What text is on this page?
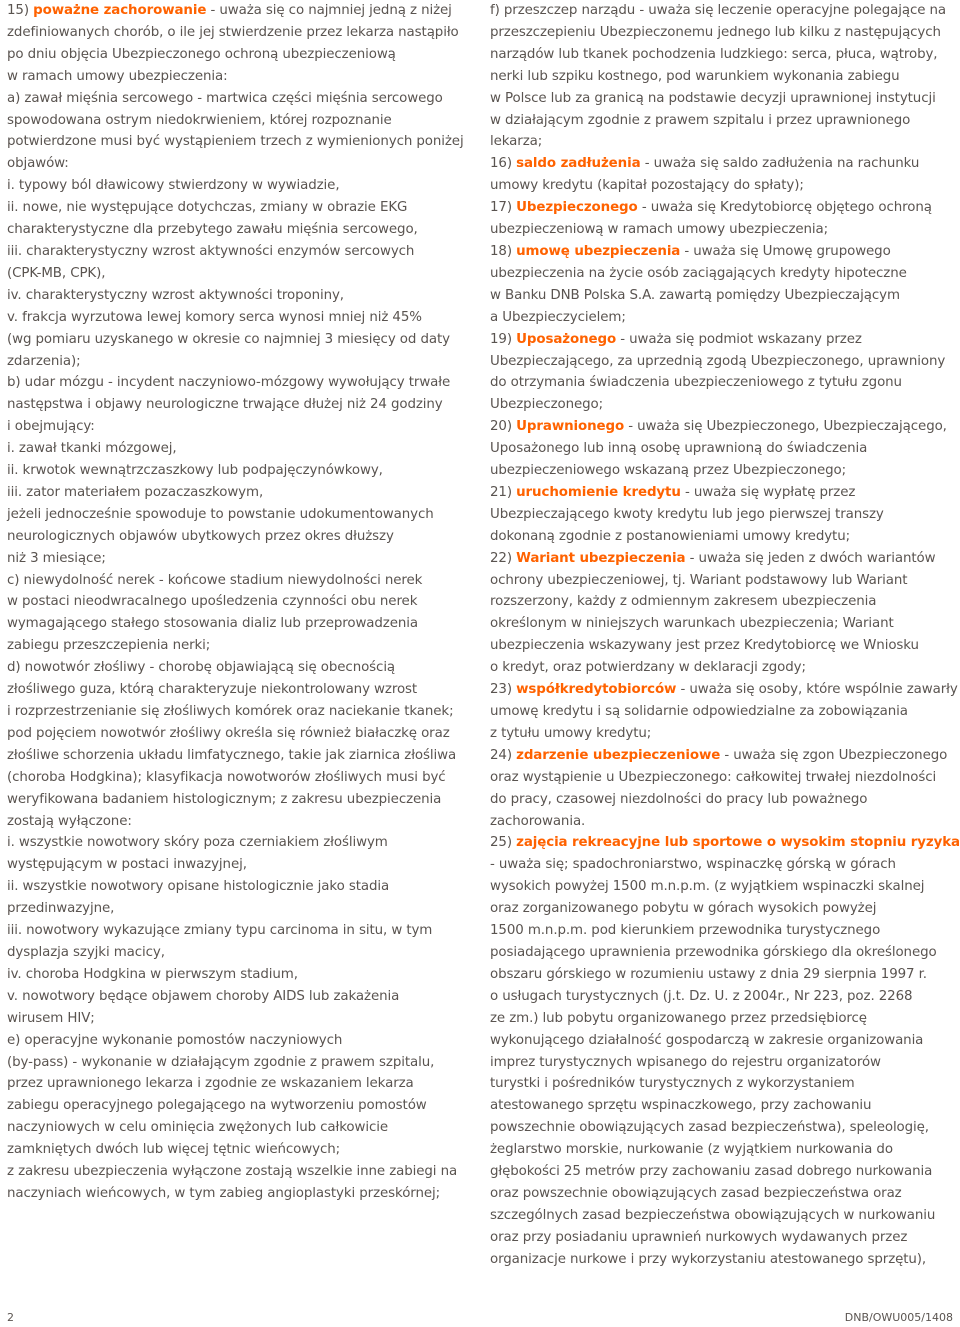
15) poważne zachorowanie - uważa się co najmniej jedną z niżej
zdefiniowanych chorób, o ile jej stwierdzenie przez lekarza nastąpiło
po dniu objęcia Ubezpieczonego ochroną ubezpieczeniową
w ramach umowy ubezpieczenia:
a) zawał mięśnia sercowego - martwica części mięśnia sercowego
spowodowana ostrym niedokrwieniem, której rozpoznanie
potwierdzone musi być wystąpieniem trzech z wymienionych poniżej
objawów:
i. typowy ból dławicowy stwierdzony w wywiadzie,
ii. nowe, nie występujące dotychczas, zmiany w obrazie EKG
charakterystyczne dla przebytego zawału mięśnia sercowego,
iii. charakterystyczny wzrost aktywności enzymów sercowych
(CPK-MB, CPK),
iv. charakterystyczny wzrost aktywności troponiny,
v. frakcja wyrzutowa lewej komory serca wynosi mniej niż 45%
(wg pomiaru uzyskanego w okresie co najmniej 3 miesięcy od daty
zdarzenia);
b) udar mózgu - incydent naczyniowo-mózgowy wywołujący trwałe
następstwa i objawy neurologiczne trwające dłużej niż 24 godziny
i obejmujący:
i. zawał tkanki mózgowej,
ii. krwotok wewnątrzczaszkowy lub podpajęczynówkowy,
iii. zator materiałem pozaczaszkowym,
jeżeli jednocześnie spowoduje to powstanie udokumentowanych
neurologicznych objawów ubytkowych przez okres dłuższy
niż 3 miesiące;
c) niewydolność nerek - końcowe stadium niewydolności nerek
w postaci nieodwracalnego upośledzenia czynności obu nerek
wymagającego stałego stosowania dializ lub przeprowadzenia
zabiegu przeszczepienia nerki;
d) nowotwór złośliwy - chorobę objawiającą się obecnością
złośliwego guza, którą charakteryzuje niekontrolowany wzrost
i rozprzestrzenianie się złośliwych komórek oraz naciekanie tkanek;
pod pojęciem nowotwór złośliwy określa się również białaczkę oraz
złośliwe schorzenia układu limfatycznego, takie jak ziarnica złośliwa
(choroba Hodgkina); klasyfikacja nowotworów złośliwych musi być
weryfikowana badaniem histologicznym; z zakresu ubezpieczenia
zostają wyłączone:
i. wszystkie nowotwory skóry poza czerniakiem złośliwym
występującym w postaci inwazyjnej,
ii. wszystkie nowotwory opisane histologicznie jako stadia
przedinwazyjne,
iii. nowotwory wykazujące zmiany typu carcinoma in situ, w tym
dysplazja szyjki macicy,
iv. choroba Hodgkina w pierwszym stadium,
v. nowotwory będące objawem choroby AIDS lub zakażenia
wirusem HIV;
e) operacyjne wykonanie pomostów naczyniowych
(by-pass) - wykonanie w działającym zgodnie z prawem szpitalu,
przez uprawnionego lekarza i zgodnie ze wskazaniem lekarza
zabiegu operacyjnego polegającego na wytworzeniu pomostów
naczyniowych w celu ominięcia zwężonych lub całkowicie
zamkniętych dwóch lub więcej tętnic wieńcowych;
z zakresu ubezpieczenia wyłączone zostają wszelkie inne zabiegi na
naczyniach wieńcowych, w tym zabieg angioplastyki przeskórnej;
f) przeszczep narządu - uważa się leczenie operacyjne polegające na
przeszczepieniu Ubezpieczonemu jednego lub kilku z następujących
narządów lub tkanek pochodzenia ludzkiego: serca, płuca, wątroby,
nerki lub szpiku kostnego, pod warunkiem wykonania zabiegu
w Polsce lub za granicą na podstawie decyzji uprawnionej instytucji
w działającym zgodnie z prawem szpitalu i przez uprawnionego
lekarza;
16) saldo zadłużenia - uważa się saldo zadłużenia na rachunku
umowy kredytu (kapitał pozostający do spłaty);
17) Ubezpieczonego - uważa się Kredytobiorcę objętego ochroną
ubezpieczeniową w ramach umowy ubezpieczenia;
18) umowę ubezpieczenia - uważa się Umowę grupowego
ubezpieczenia na życie osób zaciągających kredyty hipoteczne
w Banku DNB Polska S.A. zawartą pomiędzy Ubezpieczającym
a Ubezpieczycielem;
19) Uposażonego - uważa się podmiot wskazany przez
Ubezpieczającego, za uprzednią zgodą Ubezpieczonego, uprawniony
do otrzymania świadczenia ubezpieczeniowego z tytułu zgonu
Ubezpieczonego;
20) Uprawnionego - uważa się Ubezpieczonego, Ubezpieczającego,
Uposażonego lub inną osobę uprawnioną do świadczenia
ubezpieczeniowego wskazaną przez Ubezpieczonego;
21) uruchomienie kredytu - uważa się wypłatę przez
Ubezpieczającego kwoty kredytu lub jego pierwszej transzy
dokonaną zgodnie z postanowieniami umowy kredytu;
22) Wariant ubezpieczenia - uważa się jeden z dwóch wariantów
ochrony ubezpieczeniowej, tj. Wariant podstawowy lub Wariant
rozszerzony, każdy z odmiennym zakresem ubezpieczenia
określonym w niniejszych warunkach ubezpieczenia; Wariant
ubezpieczenia wskazywany jest przez Kredytobiorcę we Wniosku
o kredyt, oraz potwierdzany w deklaracji zgody;
23) współkredytobiorców - uważa się osoby, które wspólnie zawarły
umowę kredytu i są solidarnie odpowiedzialne za zobowiązania
z tytułu umowy kredytu;
24) zdarzenie ubezpieczeniowe - uważa się zgon Ubezpieczonego
oraz wystąpienie u Ubezpieczonego: całkowitej trwałej niezdolności
do pracy, czasowej niezdolności do pracy lub poważnego
zachorowania.
25) zajęcia rekreacyjne lub sportowe o wysokim stopniu ryzyka
- uważa się; spadochroniarstwo, wspinaczkę górską w górach
wysokich powyżej 1500 m.n.p.m. (z wyjątkiem wspinaczki skalnej
oraz zorganizowanego pobytu w górach wysokich powyżej
1500 m.n.p.m. pod kierunkiem przewodnika turystycznego
posiadającego uprawnienia przewodnika górskiego dla określonego
obszaru górskiego w rozumieniu ustawy z dnia 29 sierpnia 1997 r.
o usługach turystycznych (j.t. Dz. U. z 2004r., Nr 223, poz. 2268
ze zm.) lub pobytu organizowanego przez przedsiębiorcę
wykonującego działalność gospodarczą w zakresie organizowania
imprez turystycznych wpisanego do rejestru organizatorów
turystki i pośredników turystycznych z wykorzystaniem
atestowanego sprzętu wspinaczkowego, przy zachowaniu
powszechnie obowiązujących zasad bezpieczeństwa), speleologię,
żeglarstwo morskie, nurkowanie (z wyjątkiem nurkowania do
głębokości 25 metrów przy zachowaniu zasad dobrego nurkowania
oraz powszechnie obowiązujących zasad bezpieczeństwa oraz
szczególnych zasad bezpieczeństwa obowiązujących w nurkowaniu
oraz przy posiadaniu uprawnień nurkowych wydawanych przez
organizacje nurkowe i przy wykorzystaniu atestowanego sprzętu),
2	DNB/OWU005/1408
